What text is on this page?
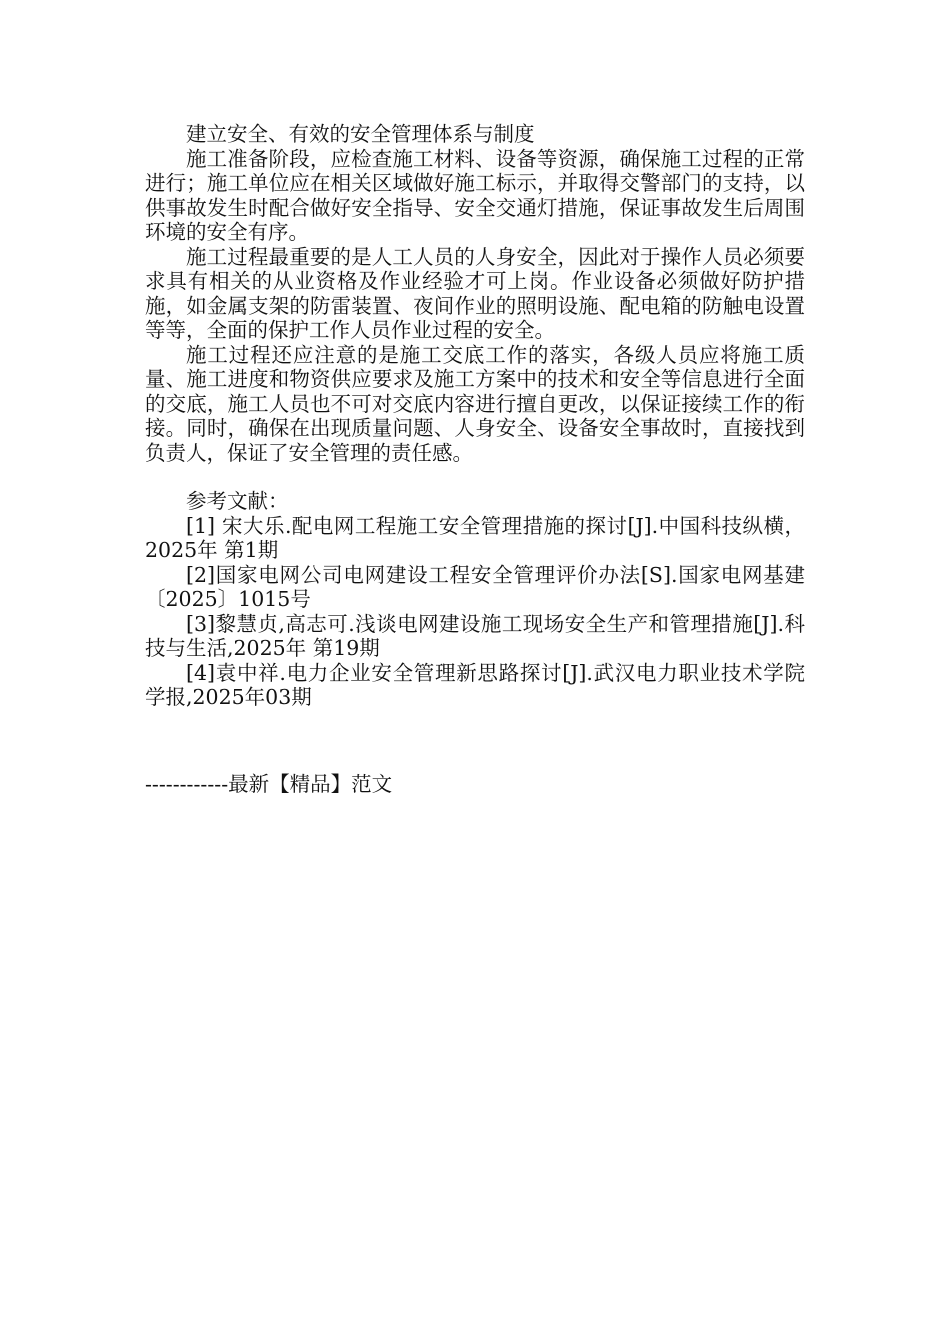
建立安全、有效的安全管理体系与制度

施工准备阶段，应检查施工材料、设备等资源，确保施工过程的正常进行；施工单位应在相关区域做好施工标示，并取得交警部门的支持，以供事故发生时配合做好安全指导、安全交通灯措施，保证事故发生后周围环境的安全有序。

施工过程最重要的是人工人员的人身安全，因此对于操作人员必须要求具有相关的从业资格及作业经验才可上岗。作业设备必须做好防护措施，如金属支架的防雷装置、夜间作业的照明设施、配电箱的防触电设置等等，全面的保护工作人员作业过程的安全。

施工过程还应注意的是施工交底工作的落实，各级人员应将施工质量、施工进度和物资供应要求及施工方案中的技术和安全等信息进行全面的交底，施工人员也不可对交底内容进行擅自更改，以保证接续工作的衔接。同时，确保在出现质量问题、人身安全、设备安全事故时，直接找到负责人，保证了安全管理的责任感。

参考文献：

[1] 宋大乐.配电网工程施工安全管理措施的探讨[J].中国科技纵横，2025年 第1期

[2]国家电网公司电网建设工程安全管理评价办法[S].国家电网基建〔2025〕1015号

[3]黎慧贞,高志可.浅谈电网建设施工现场安全生产和管理措施[J].科技与生活,2025年 第19期

[4]袁中祥.电力企业安全管理新思路探讨[J].武汉电力职业技术学院学报,2025年03期

------------最新【精品】范文
